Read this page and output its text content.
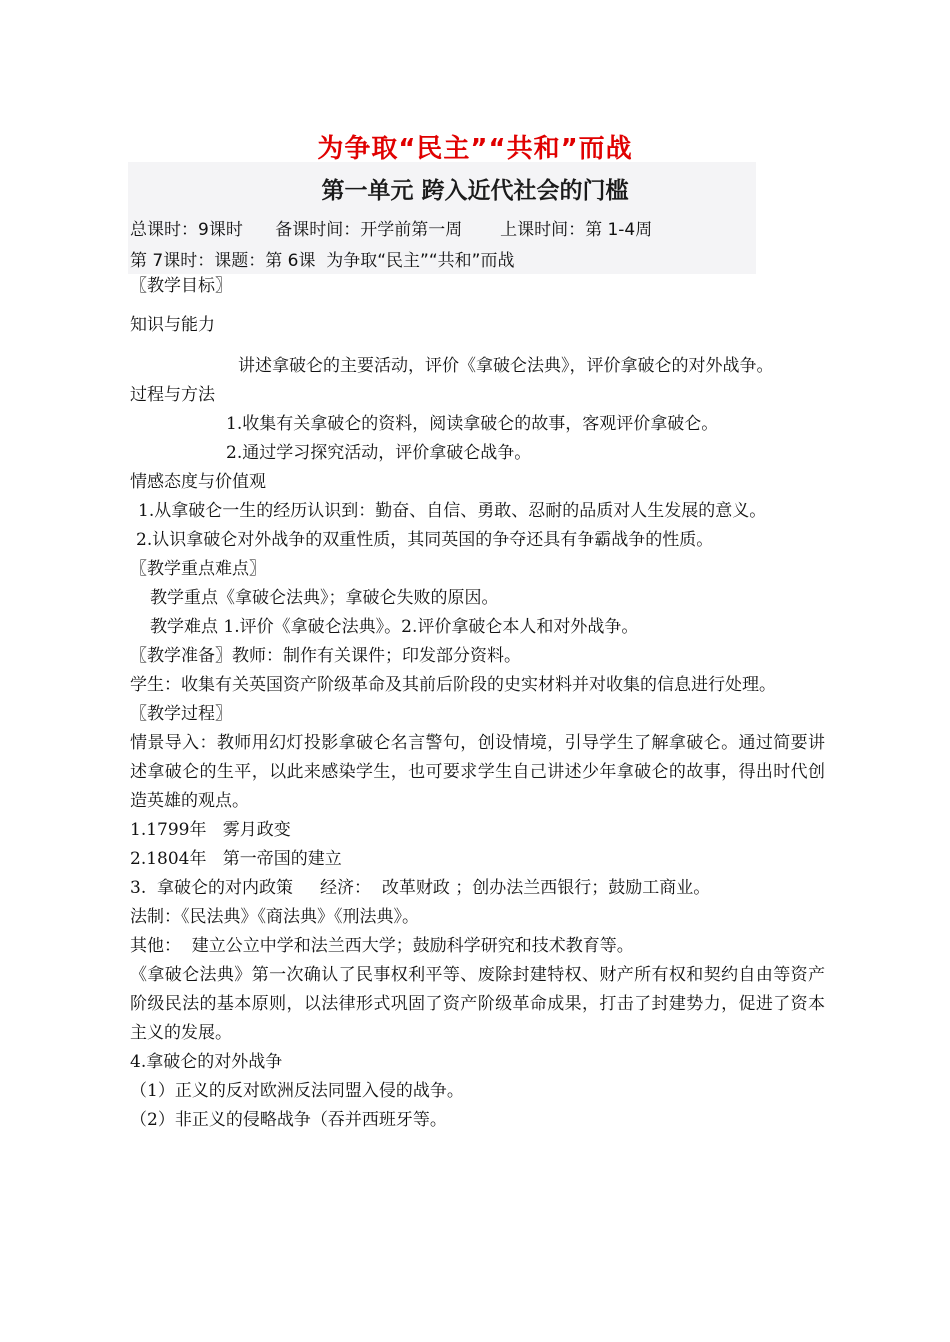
为争取“民主”“共和”而战
第一单元 跨入近代社会的门槛
总课时：9课时      备课时间：开学前第一周       上课时间：第 1-4周
第 7课时：课题：第 6课  为争取“民主”“共和”而战
〖教学目标〗
知识与能力
讲述拿破仑的主要活动，评价《拿破仑法典》，评价拿破仑的对外战争。
过程与方法
1.收集有关拿破仑的资料，阅读拿破仑的故事，客观评价拿破仑。
2.通过学习探究活动，评价拿破仑战争。
情感态度与价值观
1.从拿破仑一生的经历认识到：勤奋、自信、勇敢、忍耐的品质对人生发展的意义。
2.认识拿破仑对外战争的双重性质，其同英国的争夺还具有争霸战争的性质。
〖教学重点难点〗
教学重点《拿破仑法典》；拿破仑失败的原因。
教学难点 1.评价《拿破仑法典》。2.评价拿破仑本人和对外战争。
〖教学准备〗教师：制作有关课件；印发部分资料。
学生：收集有关英国资产阶级革命及其前后阶段的史实材料并对收集的信息进行处理。
〖教学过程〗
情景导入：教师用幻灯投影拿破仑名言警句，创设情境，引导学生了解拿破仑。通过简要讲述拿破仑的生平，以此来感染学生，也可要求学生自己讲述少年拿破仑的故事，得出时代创造英雄的观点。
1.1799年   雾月政变
2.1804年   第一帝国的建立
3.  拿破仑的对内政策     经济：  改革财政 ；创办法兰西银行；鼓励工商业。
法制：《民法典》《商法典》《刑法典》。
其他：  建立公立中学和法兰西大学；鼓励科学研究和技术教育等。
《拿破仑法典》第一次确认了民事权利平等、废除封建特权、财产所有权和契约自由等资产阶级民法的基本原则，以法律形式巩固了资产阶级革命成果，打击了封建势力，促进了资本主义的发展。
4.拿破仑的对外战争
（1）正义的反对欧洲反法同盟入侵的战争。
（2）非正义的侵略战争（吞并西班牙等。
